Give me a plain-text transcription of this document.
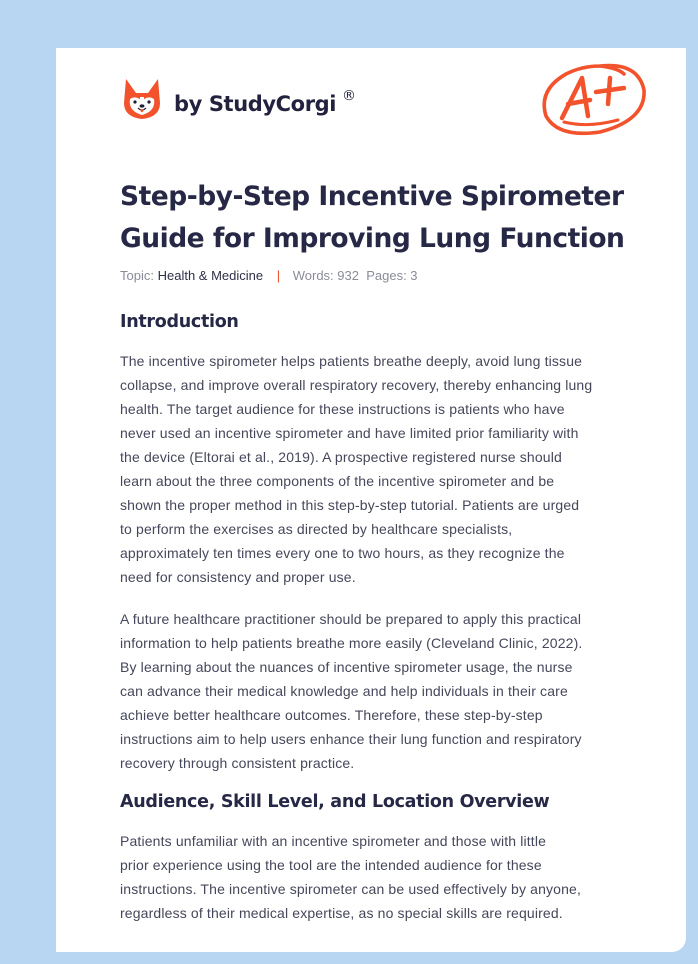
by StudyCorgi ®
Step-by-Step Incentive Spirometer
Guide for Improving Lung Function
Topic: Health & Medicine | Words: 932 Pages: 3
Introduction
The incentive spirometer helps patients breathe deeply, avoid lung tissue
collapse, and improve overall respiratory recovery, thereby enhancing lung
health. The target audience for these instructions is patients who have
never used an incentive spirometer and have limited prior familiarity with
the device (Eltorai et al., 2019). A prospective registered nurse should
learn about the three components of the incentive spirometer and be
shown the proper method in this step-by-step tutorial. Patients are urged
to perform the exercises as directed by healthcare specialists,
approximately ten times every one to two hours, as they recognize the
need for consistency and proper use.
A future healthcare practitioner should be prepared to apply this practical
information to help patients breathe more easily (Cleveland Clinic, 2022).
By learning about the nuances of incentive spirometer usage, the nurse
can advance their medical knowledge and help individuals in their care
achieve better healthcare outcomes. Therefore, these step-by-step
instructions aim to help users enhance their lung function and respiratory
recovery through consistent practice.
Audience, Skill Level, and Location Overview
Patients unfamiliar with an incentive spirometer and those with little
prior experience using the tool are the intended audience for these
instructions. The incentive spirometer can be used effectively by anyone,
regardless of their medical expertise, as no special skills are required.
